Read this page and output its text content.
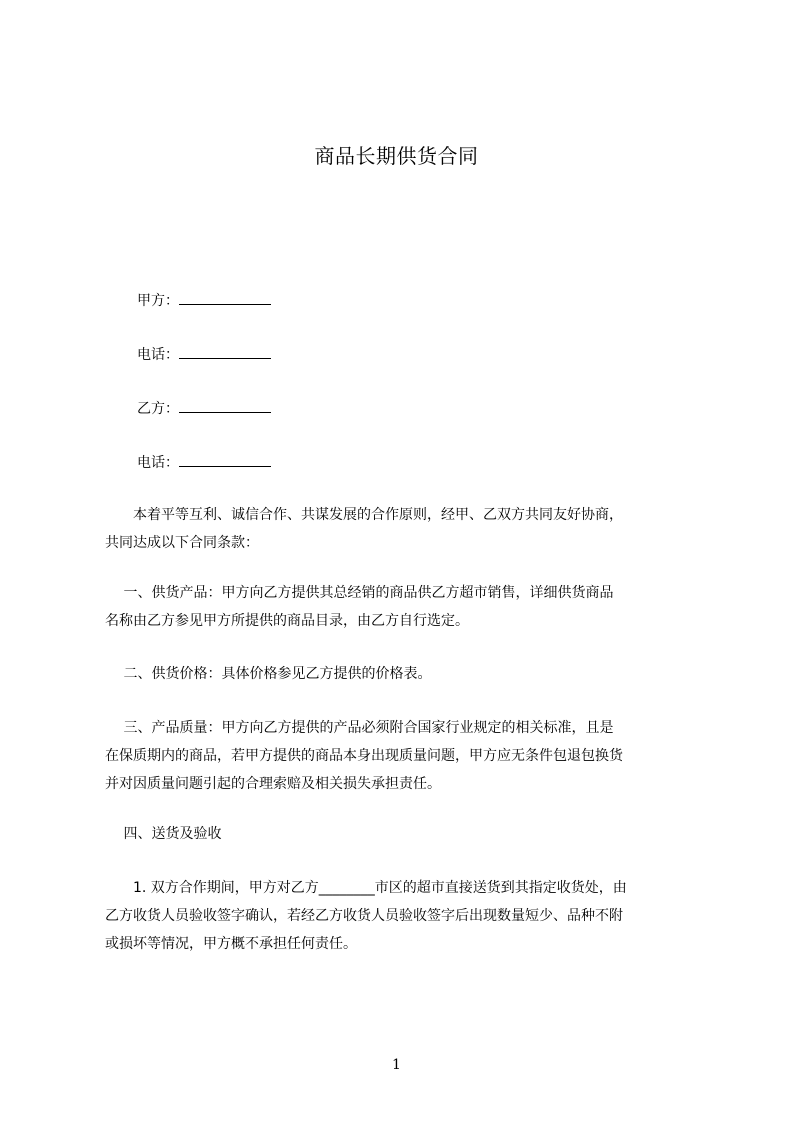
商品长期供货合同
甲方：
电话：
乙方：
电话：
　　本着平等互利、诚信合作、共谋发展的合作原则，经甲、乙双方共同友好协商，
共同达成以下合同条款：
　 一、供货产品：甲方向乙方提供其总经销的商品供乙方超市销售，详细供货商品
名称由乙方参见甲方所提供的商品目录，由乙方自行选定。
　 二、供货价格：具体价格参见乙方提供的价格表。
　 三、产品质量：甲方向乙方提供的产品必须附合国家行业规定的相关标准，且是
在保质期内的商品，若甲方提供的商品本身出现质量问题，甲方应无条件包退包换货
并对因质量问题引起的合理索赔及相关损失承担责任。
　 四、送货及验收
　　1. 双方合作期间，甲方对乙方________市区的超市直接送货到其指定收货处，由
乙方收货人员验收签字确认，若经乙方收货人员验收签字后出现数量短少、品种不附
或损坏等情况，甲方概不承担任何责任。
1
